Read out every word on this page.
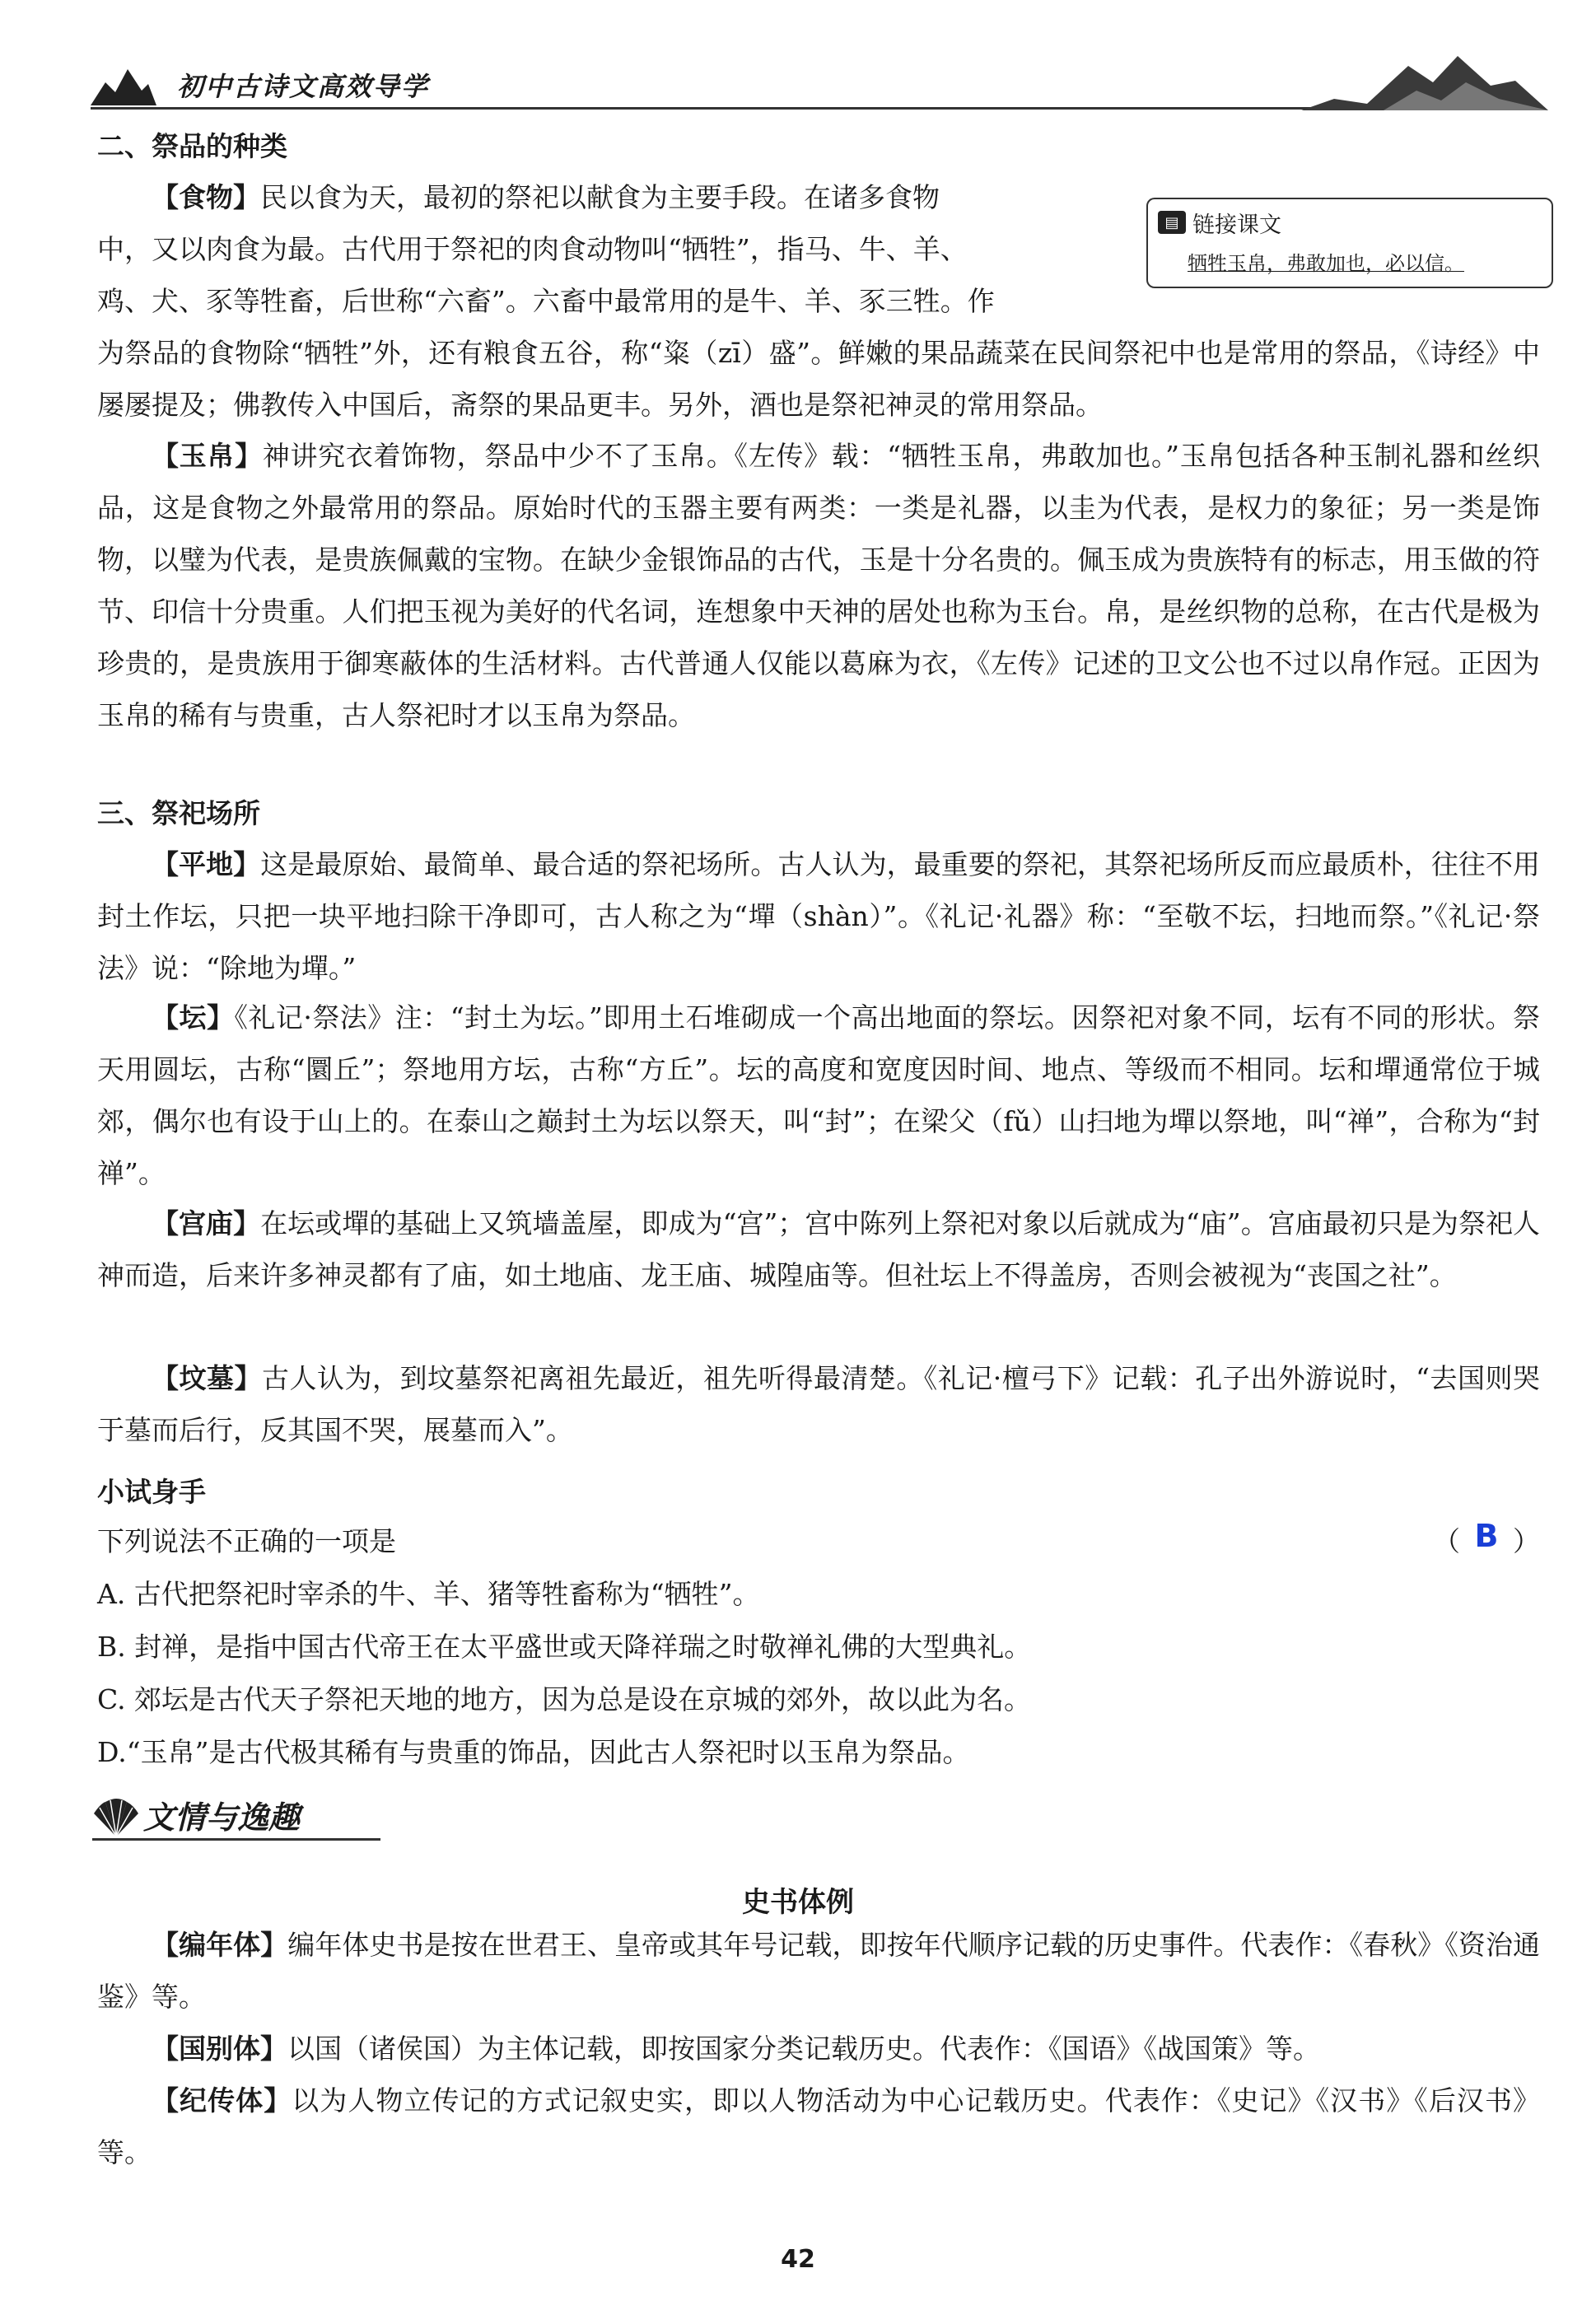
初中古诗文高效导学
二、祭品的种类
【食物】民以食为天，最初的祭祀以献食为主要手段。在诸多食物
中，又以肉食为最。古代用于祭祀的肉食动物叫“牺牲”，指马、牛、羊、
鸡、犬、豕等牲畜，后世称“六畜”。六畜中最常用的是牛、羊、豕三牲。作

为祭品的食物除“牺牲”外，还有粮食五谷，称“粢（zī）盛”。鲜嫩的果品蔬菜在民间祭祀中也是常用的祭品，《诗经》中屡屡提及；佛教传入中国后，斋祭的果品更丰。另外，酒也是祭祀神灵的常用祭品。

▤ 链接课文
牺牲玉帛，弗敢加也，必以信。

【玉帛】神讲究衣着饰物，祭品中少不了玉帛。《左传》载：“牺牲玉帛，弗敢加也。”玉帛包括各种玉制礼器和丝织品，这是食物之外最常用的祭品。原始时代的玉器主要有两类：一类是礼器，以圭为代表，是权力的象征；另一类是饰物，以璧为代表，是贵族佩戴的宝物。在缺少金银饰品的古代，玉是十分名贵的。佩玉成为贵族特有的标志，用玉做的符节、印信十分贵重。人们把玉视为美好的代名词，连想象中天神的居处也称为玉台。帛，是丝织物的总称，在古代是极为珍贵的，是贵族用于御寒蔽体的生活材料。古代普通人仅能以葛麻为衣，《左传》记述的卫文公也不过以帛作冠。正因为玉帛的稀有与贵重，古人祭祀时才以玉帛为祭品。

三、祭祀场所

【平地】这是最原始、最简单、最合适的祭祀场所。古人认为，最重要的祭祀，其祭祀场所反而应最质朴，往往不用封土作坛，只把一块平地扫除干净即可，古人称之为“墠（shàn）”。《礼记·礼器》称：“至敬不坛，扫地而祭。”《礼记·祭法》说：“除地为墠。”

【坛】《礼记·祭法》注：“封土为坛。”即用土石堆砌成一个高出地面的祭坛。因祭祀对象不同，坛有不同的形状。祭天用圆坛，古称“圜丘”；祭地用方坛，古称“方丘”。坛的高度和宽度因时间、地点、等级而不相同。坛和墠通常位于城郊，偶尔也有设于山上的。在泰山之巅封土为坛以祭天，叫“封”；在梁父（fǔ）山扫地为墠以祭地，叫“禅”，合称为“封禅”。

【宫庙】在坛或墠的基础上又筑墙盖屋，即成为“宫”；宫中陈列上祭祀对象以后就成为“庙”。宫庙最初只是为祭祀人神而造，后来许多神灵都有了庙，如土地庙、龙王庙、城隍庙等。但社坛上不得盖房，否则会被视为“丧国之社”。

【坟墓】古人认为，到坟墓祭祀离祖先最近，祖先听得最清楚。《礼记·檀弓下》记载：孔子出外游说时，“去国则哭于墓而后行，反其国不哭，展墓而入”。

小试身手
下列说法不正确的一项是	（ B ）
A. 古代把祭祀时宰杀的牛、羊、猪等牲畜称为“牺牲”。
B. 封禅，是指中国古代帝王在太平盛世或天降祥瑞之时敬禅礼佛的大型典礼。
C. 郊坛是古代天子祭祀天地的地方，因为总是设在京城的郊外，故以此为名。
D.“玉帛”是古代极其稀有与贵重的饰品，因此古人祭祀时以玉帛为祭品。
文情与逸趣
史书体例

【编年体】编年体史书是按在世君王、皇帝或其年号记载，即按年代顺序记载的历史事件。代表作：《春秋》《资治通鉴》等。

【国别体】以国（诸侯国）为主体记载，即按国家分类记载历史。代表作：《国语》《战国策》等。

【纪传体】以为人物立传记的方式记叙史实，即以人物活动为中心记载历史。代表作：《史记》《汉书》《后汉书》等。

42
